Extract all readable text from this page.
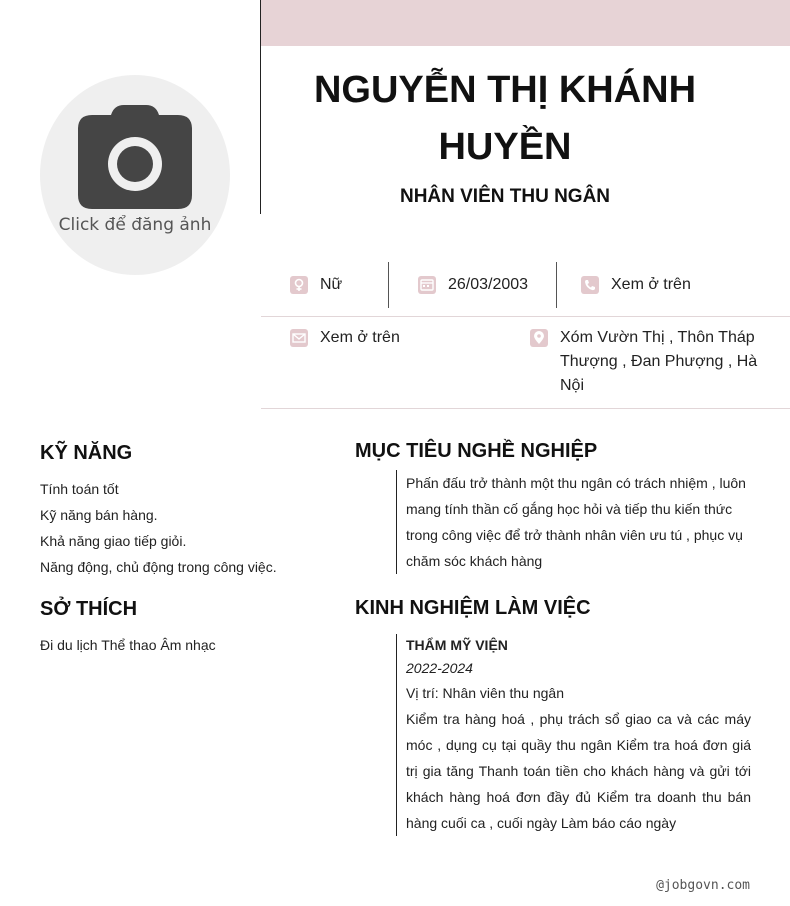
Click để đăng ảnh
NGUYỄN THỊ KHÁNH HUYỀN
NHÂN VIÊN THU NGÂN
Nữ	26/03/2003	Xem ở trên
Xem ở trên	Xóm Vườn Thị , Thôn Tháp Thượng , Đan Phượng , Hà Nội
KỸ NĂNG
Tính toán tốt
Kỹ năng bán hàng.
Khả năng giao tiếp giỏi.
Năng động, chủ động trong công việc.
SỞ THÍCH
Đi du lịch Thể thao Âm nhạc
MỤC TIÊU NGHỀ NGHIỆP
Phấn đấu trở thành một thu ngân có trách nhiệm , luôn mang tính thần cố gắng học hỏi và tiếp thu kiến thức trong công việc để trở thành nhân viên ưu tú , phục vụ chăm sóc khách hàng
KINH NGHIỆM LÀM VIỆC
THẨM MỸ VIỆN
2022-2024
Vị trí: Nhân viên thu ngân
Kiểm tra hàng hoá , phụ trách sổ giao ca và các máy móc , dụng cụ tại quầy thu ngân Kiểm tra hoá đơn giá trị gia tăng Thanh toán tiền cho khách hàng và gửi tới khách hàng hoá đơn đầy đủ Kiểm tra doanh thu bán hàng cuối ca , cuối ngày Làm báo cáo ngày
@jobgovn.com
